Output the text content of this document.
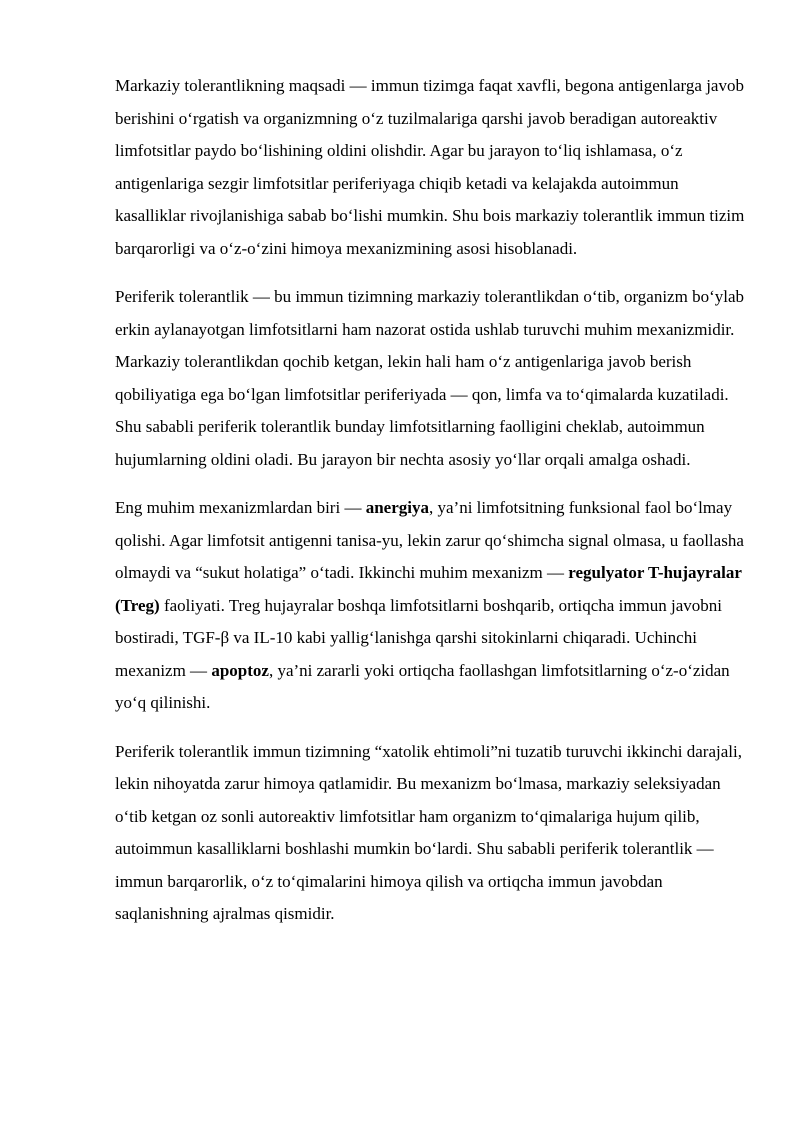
Markaziy tolerantlikning maqsadi — immun tizimga faqat xavfli, begona antigenlarga javob berishini oʻrgatish va organizmning oʻz tuzilmalariga qarshi javob beradigan autoreaktiv limfotsitlar paydo boʻlishining oldini olishdir. Agar bu jarayon toʻliq ishlamasa, oʻz antigenlariga sezgir limfotsitlar periferiyaga chiqib ketadi va kelajakda autoimmun kasalliklar rivojlanishiga sabab boʻlishi mumkin. Shu bois markaziy tolerantlik immun tizim barqarorligi va oʻz-oʻzini himoya mexanizmining asosi hisoblanadi.

Periferik tolerantlik — bu immun tizimning markaziy tolerantlikdan oʻtib, organizm boʻylab erkin aylanayotgan limfotsitlarni ham nazorat ostida ushlab turuvchi muhim mexanizmidir. Markaziy tolerantlikdan qochib ketgan, lekin hali ham oʻz antigenlariga javob berish qobiliyatiga ega boʻlgan limfotsitlar periferiyada — qon, limfa va toʻqimalarda kuzatiladi. Shu sababli periferik tolerantlik bunday limfotsitlarning faolligini cheklab, autoimmun hujumlarning oldini oladi. Bu jarayon bir nechta asosiy yoʻllar orqali amalga oshadi.

Eng muhim mexanizmlardan biri — anergiya, ya’ni limfotsitning funksional faol boʻlmay qolishi. Agar limfotsit antigenni tanisa-yu, lekin zarur qoʻshimcha signal olmasa, u faollasha olmaydi va “sukut holatiga” oʻtadi. Ikkinchi muhim mexanizm — regulyator T-hujayralar (Treg) faoliyati. Treg hujayralar boshqa limfotsitlarni boshqarib, ortiqcha immun javobni bostiradi, TGF-β va IL-10 kabi yalligʻlanishga qarshi sitokinlarni chiqaradi. Uchinchi mexanizm — apoptoz, ya’ni zararli yoki ortiqcha faollashgan limfotsitlarning oʻz-oʻzidan yoʻq qilinishi.

Periferik tolerantlik immun tizimning “xatolik ehtimoli”ni tuzatib turuvchi ikkinchi darajali, lekin nihoyatda zarur himoya qatlamidir. Bu mexanizm boʻlmasa, markaziy seleksiyadan oʻtib ketgan oz sonli autoreaktiv limfotsitlar ham organizm toʻqimalariga hujum qilib, autoimmun kasalliklarni boshlashi mumkin boʻlardi. Shu sababli periferik tolerantlik — immun barqarorlik, oʻz toʻqimalarini himoya qilish va ortiqcha immun javobdan saqlanishning ajralmas qismidir.
